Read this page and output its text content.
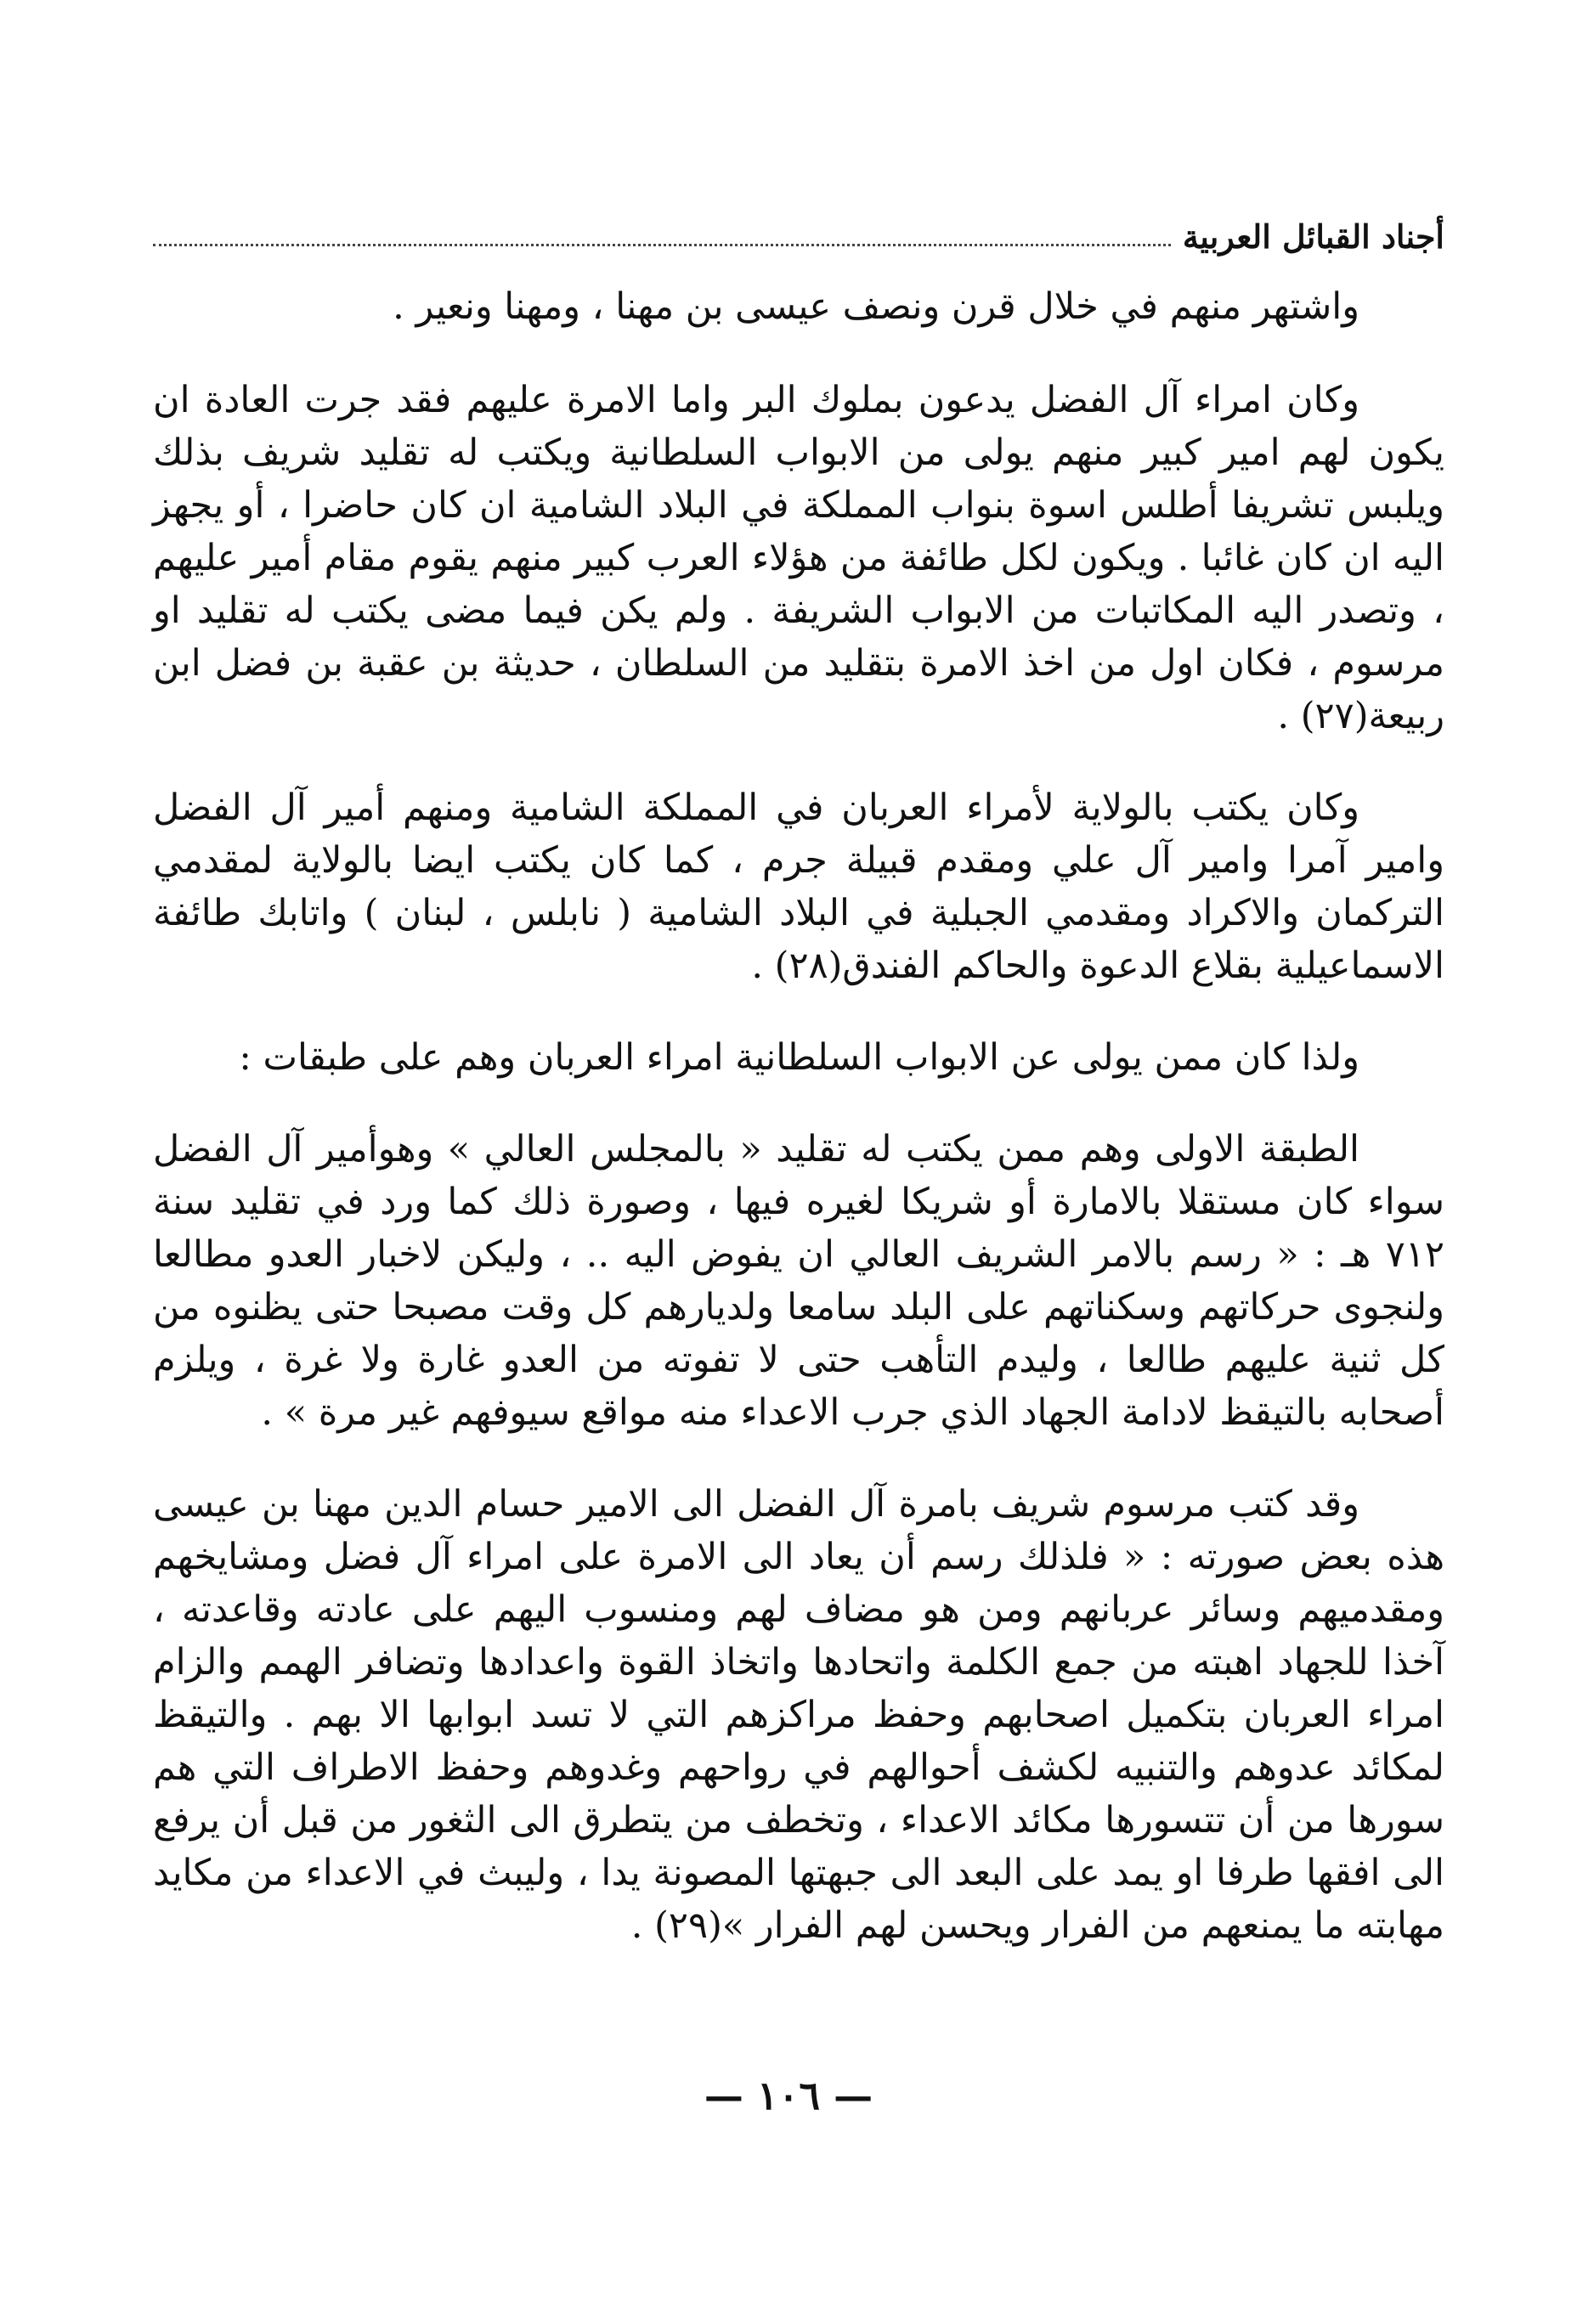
أجناد القبائل العربية

واشتهر منهم في خلال قرن ونصف عيسى بن مهنا ، ومهنا ونعير .

وكان امراء آل الفضل يدعون بملوك البر واما الامرة عليهم فقد جرت العادة ان يكون لهم امير كبير منهم يولى من الابواب السلطانية ويكتب له تقليد شريف بذلك ويلبس تشريفا أطلس اسوة بنواب المملكة في البلاد الشامية ان كان حاضرا ، أو يجهز اليه ان كان غائبا . ويكون لكل طائفة من هؤلاء العرب كبير منهم يقوم مقام أمير عليهم ، وتصدر اليه المكاتبات من الابواب الشريفة . ولم يكن فيما مضى يكتب له تقليد او مرسوم ، فكان اول من اخذ الامرة بتقليد من السلطان ، حديثة بن عقبة بن فضل ابن ربيعة(٢٧) .

وكان يكتب بالولاية لأمراء العربان في المملكة الشامية ومنهم أمير آل الفضل وامير آمرا وامير آل علي ومقدم قبيلة جرم ، كما كان يكتب ايضا بالولاية لمقدمي التركمان والاكراد ومقدمي الجبلية في البلاد الشامية ( نابلس ، لبنان ) واتابك طائفة الاسماعيلية بقلاع الدعوة والحاكم الفندق(٢٨) .

ولذا كان ممن يولى عن الابواب السلطانية امراء العربان وهم على طبقات :

الطبقة الاولى وهم ممن يكتب له تقليد « بالمجلس العالي » وهوأمير آل الفضل سواء كان مستقلا بالامارة أو شريكا لغيره فيها ، وصورة ذلك كما ورد في تقليد سنة ٧١٢ هـ : « رسم بالامر الشريف العالي ان يفوض اليه .. ، وليكن لاخبار العدو مطالعا ولنجوى حركاتهم وسكناتهم على البلد سامعا ولديارهم كل وقت مصبحا حتى يظنوه من كل ثنية عليهم طالعا ، وليدم التأهب حتى لا تفوته من العدو غارة ولا غرة ، ويلزم أصحابه بالتيقظ لادامة الجهاد الذي جرب الاعداء منه مواقع سيوفهم غير مرة » .

وقد كتب مرسوم شريف بامرة آل الفضل الى الامير حسام الدين مهنا بن عيسى هذه بعض صورته : « فلذلك رسم أن يعاد الى الامرة على امراء آل فضل ومشايخهم ومقدميهم وسائر عربانهم ومن هو مضاف لهم ومنسوب اليهم على عادته وقاعدته ، آخذا للجهاد اهبته من جمع الكلمة واتحادها واتخاذ القوة واعدادها وتضافر الهمم والزام امراء العربان بتكميل اصحابهم وحفظ مراكزهم التي لا تسد ابوابها الا بهم . والتيقظ لمكائد عدوهم والتنبيه لكشف أحوالهم في رواحهم وغدوهم وحفظ الاطراف التي هم سورها من أن تتسورها مكائد الاعداء ، وتخطف من يتطرق الى الثغور من قبل أن يرفع الى افقها طرفا او يمد على البعد الى جبهتها المصونة يدا ، وليبث في الاعداء من مكايد مهابته ما يمنعهم من الفرار ويحسن لهم الفرار »(٢٩) .

— ١٠٦ —
